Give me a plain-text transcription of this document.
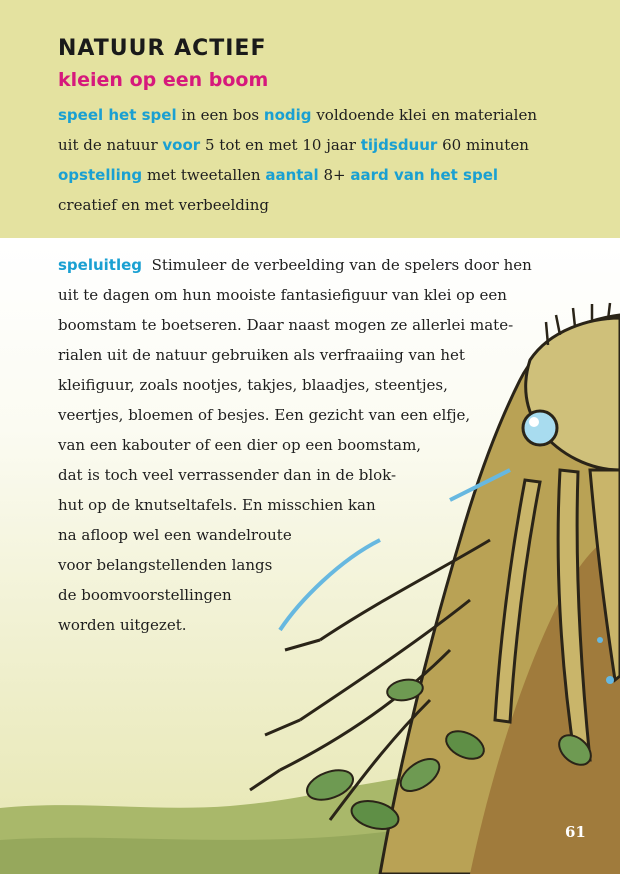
NATUUR ACTIEF
kleien op een boom
speel het spel in een bos nodig voldoende klei en materialen uit de natuur voor 5 tot en met 10 jaar tijdsduur 60 minuten opstelling met tweetallen aantal 8+ aard van het spel creatief en met verbeelding
speluitleg Stimuleer de verbeelding van de spelers door hen
uit te dagen om hun mooiste fantasiefiguur van klei op een
boomstam te boetseren. Daar naast mogen ze allerlei mate-
rialen uit de natuur gebruiken als verfraaiing van het
kleifiguur, zoals nootjes, takjes, blaadjes, steentjes,
veertjes, bloemen of besjes. Een gezicht van een elfje,
van een kabouter of een dier op een boomstam,
dat is toch veel verrassender dan in de blok-
hut op de knutseltafels. En misschien kan
na afloop wel een wandelroute
voor belangstellenden langs
de boomvoorstellingen
worden uitgezet.
61
